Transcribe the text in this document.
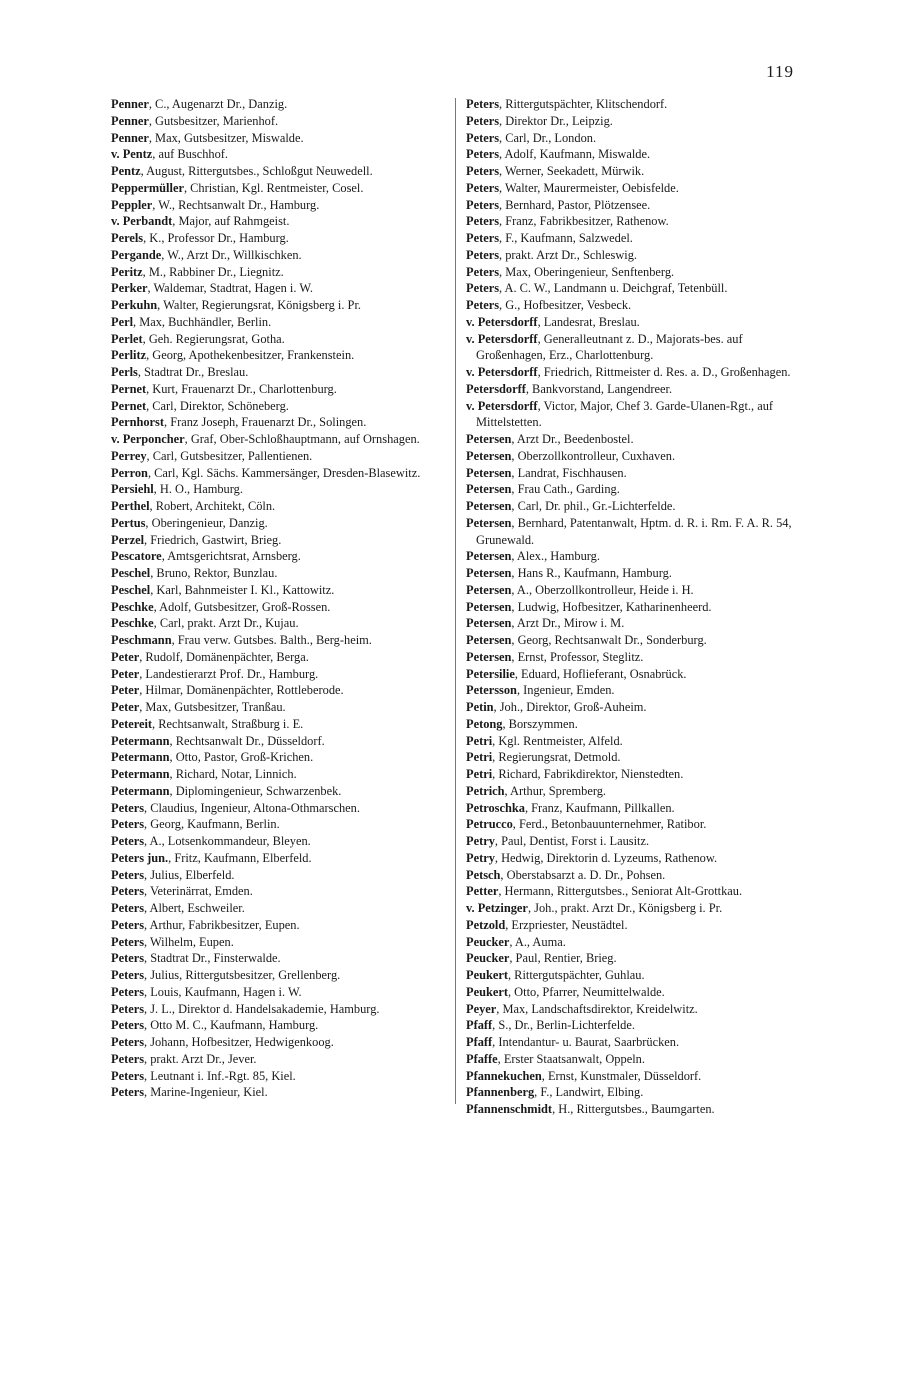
119

Penner, C., Augenarzt Dr., Danzig.

Penner, Gutsbesitzer, Marienhof.

Penner, Max, Gutsbesitzer, Miswalde.

v. Pentz, auf Buschhof.

Pentz, August, Rittergutsbes., Schloßgut Neuwedell.

Peppermüller, Christian, Kgl. Rentmeister, Cosel.

Peppler, W., Rechtsanwalt Dr., Hamburg.

v. Perbandt, Major, auf Rahmgeist.

Perels, K., Professor Dr., Hamburg.

Pergande, W., Arzt Dr., Willkischken.

Peritz, M., Rabbiner Dr., Liegnitz.

Perker, Waldemar, Stadtrat, Hagen i. W.

Perkuhn, Walter, Regierungsrat, Königsberg i. Pr.

Perl, Max, Buchhändler, Berlin.

Perlet, Geh. Regierungsrat, Gotha.

Perlitz, Georg, Apothekenbesitzer, Frankenstein.

Perls, Stadtrat Dr., Breslau.

Pernet, Kurt, Frauenarzt Dr., Charlottenburg.

Pernet, Carl, Direktor, Schöneberg.

Pernhorst, Franz Joseph, Frauenarzt Dr., Solingen.

v. Perponcher, Graf, Ober-Schloßhauptmann, auf Ornshagen.

Perrey, Carl, Gutsbesitzer, Pallentienen.

Perron, Carl, Kgl. Sächs. Kammersänger, Dresden-Blasewitz.

Persiehl, H. O., Hamburg.

Perthel, Robert, Architekt, Cöln.

Pertus, Oberingenieur, Danzig.

Perzel, Friedrich, Gastwirt, Brieg.

Pescatore, Amtsgerichtsrat, Arnsberg.

Peschel, Bruno, Rektor, Bunzlau.

Peschel, Karl, Bahnmeister I. Kl., Kattowitz.

Peschke, Adolf, Gutsbesitzer, Groß-Rossen.

Peschke, Carl, prakt. Arzt Dr., Kujau.

Peschmann, Frau verw. Gutsbes. Balth., Berg-heim.

Peter, Rudolf, Domänenpächter, Berga.

Peter, Landestierarzt Prof. Dr., Hamburg.

Peter, Hilmar, Domänenpächter, Rottleberode.

Peter, Max, Gutsbesitzer, Tranßau.

Petereit, Rechtsanwalt, Straßburg i. E.

Petermann, Rechtsanwalt Dr., Düsseldorf.

Petermann, Otto, Pastor, Groß-Krichen.

Petermann, Richard, Notar, Linnich.

Petermann, Diplomingenieur, Schwarzenbek.

Peters, Claudius, Ingenieur, Altona-Othmarschen.

Peters, Georg, Kaufmann, Berlin.

Peters, A., Lotsenkommandeur, Bleyen.

Peters jun., Fritz, Kaufmann, Elberfeld.

Peters, Julius, Elberfeld.

Peters, Veterinärrat, Emden.

Peters, Albert, Eschweiler.

Peters, Arthur, Fabrikbesitzer, Eupen.

Peters, Wilhelm, Eupen.

Peters, Stadtrat Dr., Finsterwalde.

Peters, Julius, Rittergutsbesitzer, Grellenberg.

Peters, Louis, Kaufmann, Hagen i. W.

Peters, J. L., Direktor d. Handelsakademie, Hamburg.

Peters, Otto M. C., Kaufmann, Hamburg.

Peters, Johann, Hofbesitzer, Hedwigenkoog.

Peters, prakt. Arzt Dr., Jever.

Peters, Leutnant i. Inf.-Rgt. 85, Kiel.

Peters, Marine-Ingenieur, Kiel.

Peters, Rittergutspächter, Klitschendorf.

Peters, Direktor Dr., Leipzig.

Peters, Carl, Dr., London.

Peters, Adolf, Kaufmann, Miswalde.

Peters, Werner, Seekadett, Mürwik.

Peters, Walter, Maurermeister, Oebisfelde.

Peters, Bernhard, Pastor, Plötzensee.

Peters, Franz, Fabrikbesitzer, Rathenow.

Peters, F., Kaufmann, Salzwedel.

Peters, prakt. Arzt Dr., Schleswig.

Peters, Max, Oberingenieur, Senftenberg.

Peters, A. C. W., Landmann u. Deichgraf, Tetenbüll.

Peters, G., Hofbesitzer, Vesbeck.

v. Petersdorff, Landesrat, Breslau.

v. Petersdorff, Generalleutnant z. D., Majorats-bes. auf Großenhagen, Erz., Charlottenburg.

v. Petersdorff, Friedrich, Rittmeister d. Res. a. D., Großenhagen.

Petersdorff, Bankvorstand, Langendreer.

v. Petersdorff, Victor, Major, Chef 3. Garde-Ulanen-Rgt., auf Mittelstetten.

Petersen, Arzt Dr., Beedenbostel.

Petersen, Oberzollkontrolleur, Cuxhaven.

Petersen, Landrat, Fischhausen.

Petersen, Frau Cath., Garding.

Petersen, Carl, Dr. phil., Gr.-Lichterfelde.

Petersen, Bernhard, Patentanwalt, Hptm. d. R. i. Rm. F. A. R. 54, Grunewald.

Petersen, Alex., Hamburg.

Petersen, Hans R., Kaufmann, Hamburg.

Petersen, A., Oberzollkontrolleur, Heide i. H.

Petersen, Ludwig, Hofbesitzer, Katharinenheerd.

Petersen, Arzt Dr., Mirow i. M.

Petersen, Georg, Rechtsanwalt Dr., Sonderburg.

Petersen, Ernst, Professor, Steglitz.

Petersilie, Eduard, Hoflieferant, Osnabrück.

Petersson, Ingenieur, Emden.

Petin, Joh., Direktor, Groß-Auheim.

Petong, Borszymmen.

Petri, Kgl. Rentmeister, Alfeld.

Petri, Regierungsrat, Detmold.

Petri, Richard, Fabrikdirektor, Nienstedten.

Petrich, Arthur, Spremberg.

Petroschka, Franz, Kaufmann, Pillkallen.

Petrucco, Ferd., Betonbauunternehmer, Ratibor.

Petry, Paul, Dentist, Forst i. Lausitz.

Petry, Hedwig, Direktorin d. Lyzeums, Rathenow.

Petsch, Oberstabsarzt a. D. Dr., Pohsen.

Petter, Hermann, Rittergutsbes., Seniorat Alt-Grottkau.

v. Petzinger, Joh., prakt. Arzt Dr., Königsberg i. Pr.

Petzold, Erzpriester, Neustädtel.

Peucker, A., Auma.

Peucker, Paul, Rentier, Brieg.

Peukert, Rittergutspächter, Guhlau.

Peukert, Otto, Pfarrer, Neumittelwalde.

Peyer, Max, Landschaftsdirektor, Kreidelwitz.

Pfaff, S., Dr., Berlin-Lichterfelde.

Pfaff, Intendantur- u. Baurat, Saarbrücken.

Pfaffe, Erster Staatsanwalt, Oppeln.

Pfannekuchen, Ernst, Kunstmaler, Düsseldorf.

Pfannenberg, F., Landwirt, Elbing.

Pfannenschmidt, H., Rittergutsbes., Baumgarten.
